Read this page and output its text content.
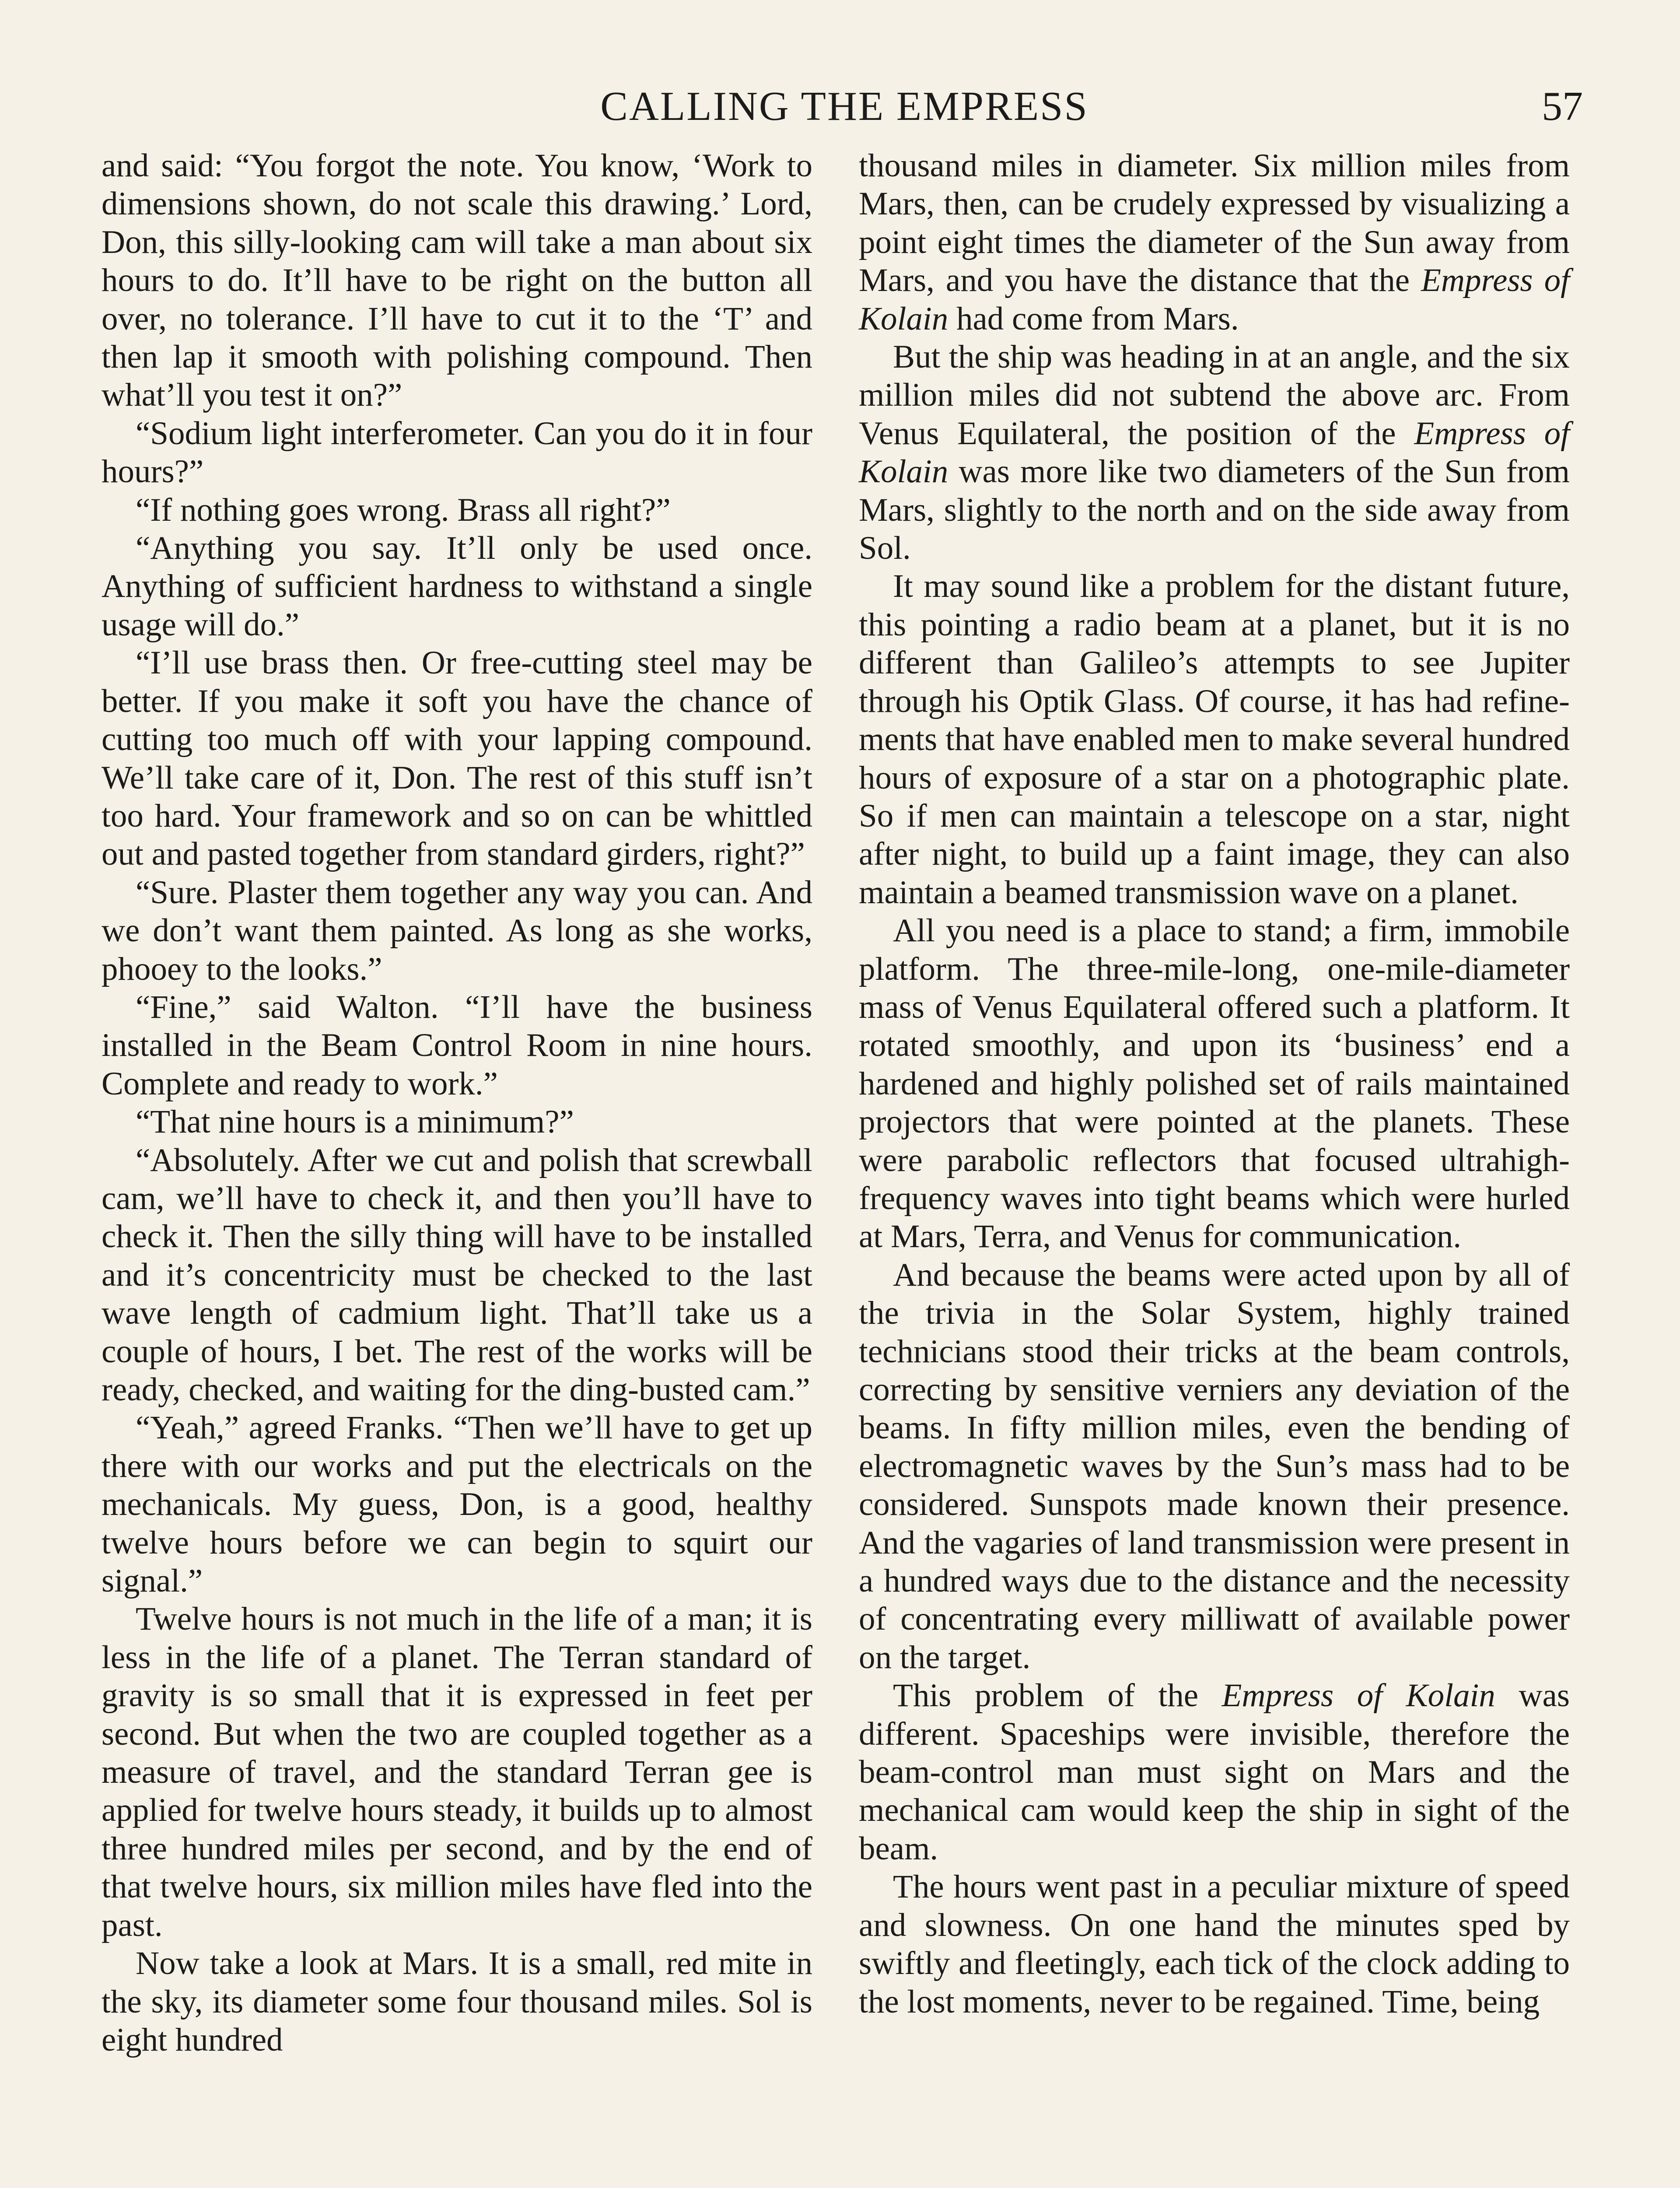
CALLING THE EMPRESS	57

and said: “You forgot the note. You know, ‘Work to dimensions shown, do not scale this drawing.’ Lord, Don, this silly-looking cam will take a man about six hours to do. It’ll have to be right on the button all over, no tolerance. I’ll have to cut it to the ‘T’ and then lap it smooth with polishing compound. Then what’ll you test it on?”

“Sodium light interferometer. Can you do it in four hours?”

“If nothing goes wrong. Brass all right?”

“Anything you say. It’ll only be used once. Anything of sufficient hardness to withstand a single usage will do.”

“I’ll use brass then. Or free-cutting steel may be better. If you make it soft you have the chance of cutting too much off with your lapping compound. We’ll take care of it, Don. The rest of this stuff isn’t too hard. Your framework and so on can be whittled out and pasted together from standard girders, right?”

“Sure. Plaster them together any way you can. And we don’t want them painted. As long as she works, phooey to the looks.”

“Fine,” said Walton. “I’ll have the business installed in the Beam Control Room in nine hours. Complete and ready to work.”

“That nine hours is a minimum?”

“Absolutely. After we cut and polish that screwball cam, we’ll have to check it, and then you’ll have to check it. Then the silly thing will have to be installed and it’s concentricity must be checked to the last wave length of cadmium light. That’ll take us a couple of hours, I bet. The rest of the works will be ready, checked, and waiting for the ding-busted cam.”

“Yeah,” agreed Franks. “Then we’ll have to get up there with our works and put the electricals on the mechanicals. My guess, Don, is a good, healthy twelve hours before we can begin to squirt our signal.”

Twelve hours is not much in the life of a man; it is less in the life of a planet. The Terran standard of gravity is so small that it is expressed in feet per second. But when the two are coupled together as a measure of travel, and the standard Terran gee is applied for twelve hours steady, it builds up to almost three hundred miles per second, and by the end of that twelve hours, six million miles have fled into the past.

Now take a look at Mars. It is a small, red mite in the sky, its diameter some four thousand miles. Sol is eight hundred

thousand miles in diameter. Six million miles from Mars, then, can be crudely expressed by visualizing a point eight times the diameter of the Sun away from Mars, and you have the distance that the Empress of Kolain had come from Mars.

But the ship was heading in at an angle, and the six million miles did not subtend the above arc. From Venus Equilateral, the position of the Empress of Kolain was more like two diameters of the Sun from Mars, slightly to the north and on the side away from Sol.

It may sound like a problem for the distant future, this pointing a radio beam at a planet, but it is no different than Galileo’s attempts to see Jupiter through his Optik Glass. Of course, it has had refinements that have enabled men to make several hundred hours of exposure of a star on a photographic plate. So if men can maintain a telescope on a star, night after night, to build up a faint image, they can also maintain a beamed transmission wave on a planet.

All you need is a place to stand; a firm, immobile platform. The three-mile-long, one-mile-diameter mass of Venus Equilateral offered such a platform. It rotated smoothly, and upon its ‘business’ end a hardened and highly polished set of rails maintained projectors that were pointed at the planets. These were parabolic reflectors that focused ultrahigh-frequency waves into tight beams which were hurled at Mars, Terra, and Venus for communication.

And because the beams were acted upon by all of the trivia in the Solar System, highly trained technicians stood their tricks at the beam controls, correcting by sensitive verniers any deviation of the beams. In fifty million miles, even the bending of electromagnetic waves by the Sun’s mass had to be considered. Sunspots made known their presence. And the vagaries of land transmission were present in a hundred ways due to the distance and the necessity of concentrating every milliwatt of available power on the target.

This problem of the Empress of Kolain was different. Spaceships were invisible, therefore the beam-control man must sight on Mars and the mechanical cam would keep the ship in sight of the beam.

The hours went past in a peculiar mixture of speed and slowness. On one hand the minutes sped by swiftly and fleetingly, each tick of the clock adding to the lost moments, never to be regained. Time, being
